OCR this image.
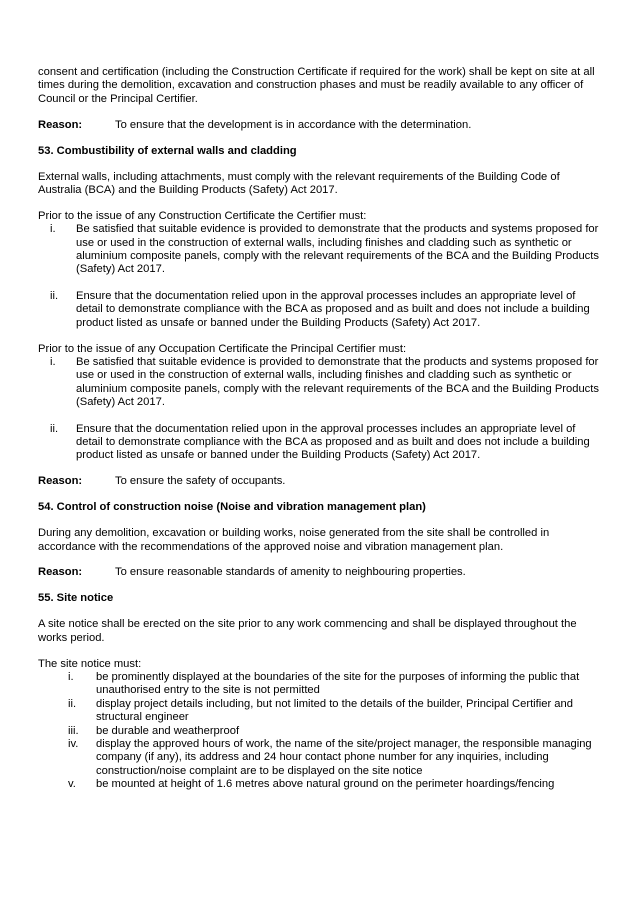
consent and certification (including the Construction Certificate if required for the work) shall be kept on site at all times during the demolition, excavation and construction phases and must be readily available to any officer of Council or the Principal Certifier.

Reason:	To ensure that the development is in accordance with the determination.
53. Combustibility of external walls and cladding

External walls, including attachments, must comply with the relevant requirements of the Building Code of Australia (BCA) and the Building Products (Safety) Act 2017.

Prior to the issue of any Construction Certificate the Certifier must:

i.	Be satisfied that suitable evidence is provided to demonstrate that the products and systems proposed for use or used in the construction of external walls, including finishes and cladding such as synthetic or aluminium composite panels, comply with the relevant requirements of the BCA and the Building Products (Safety) Act 2017.
ii.	Ensure that the documentation relied upon in the approval processes includes an appropriate level of detail to demonstrate compliance with the BCA as proposed and as built and does not include a building product listed as unsafe or banned under the Building Products (Safety) Act 2017.

Prior to the issue of any Occupation Certificate the Principal Certifier must:

i.	Be satisfied that suitable evidence is provided to demonstrate that the products and systems proposed for use or used in the construction of external walls, including finishes and cladding such as synthetic or aluminium composite panels, comply with the relevant requirements of the BCA and the Building Products (Safety) Act 2017.
ii.	Ensure that the documentation relied upon in the approval processes includes an appropriate level of detail to demonstrate compliance with the BCA as proposed and as built and does not include a building product listed as unsafe or banned under the Building Products (Safety) Act 2017.
Reason:	To ensure the safety of occupants.
54. Control of construction noise (Noise and vibration management plan)

During any demolition, excavation or building works, noise generated from the site shall be controlled in accordance with the recommendations of the approved noise and vibration management plan.

Reason:	To ensure reasonable standards of amenity to neighbouring properties.
55. Site notice

A site notice shall be erected on the site prior to any work commencing and shall be displayed throughout the works period.

The site notice must:

i.	be prominently displayed at the boundaries of the site for the purposes of informing the public that unauthorised entry to the site is not permitted
ii.	display project details including, but not limited to the details of the builder, Principal Certifier and structural engineer
iii.	be durable and weatherproof
iv.	display the approved hours of work, the name of the site/project manager, the responsible managing company (if any), its address and 24 hour contact phone number for any inquiries, including construction/noise complaint are to be displayed on the site notice
v.	be mounted at height of 1.6 metres above natural ground on the perimeter hoardings/fencing
